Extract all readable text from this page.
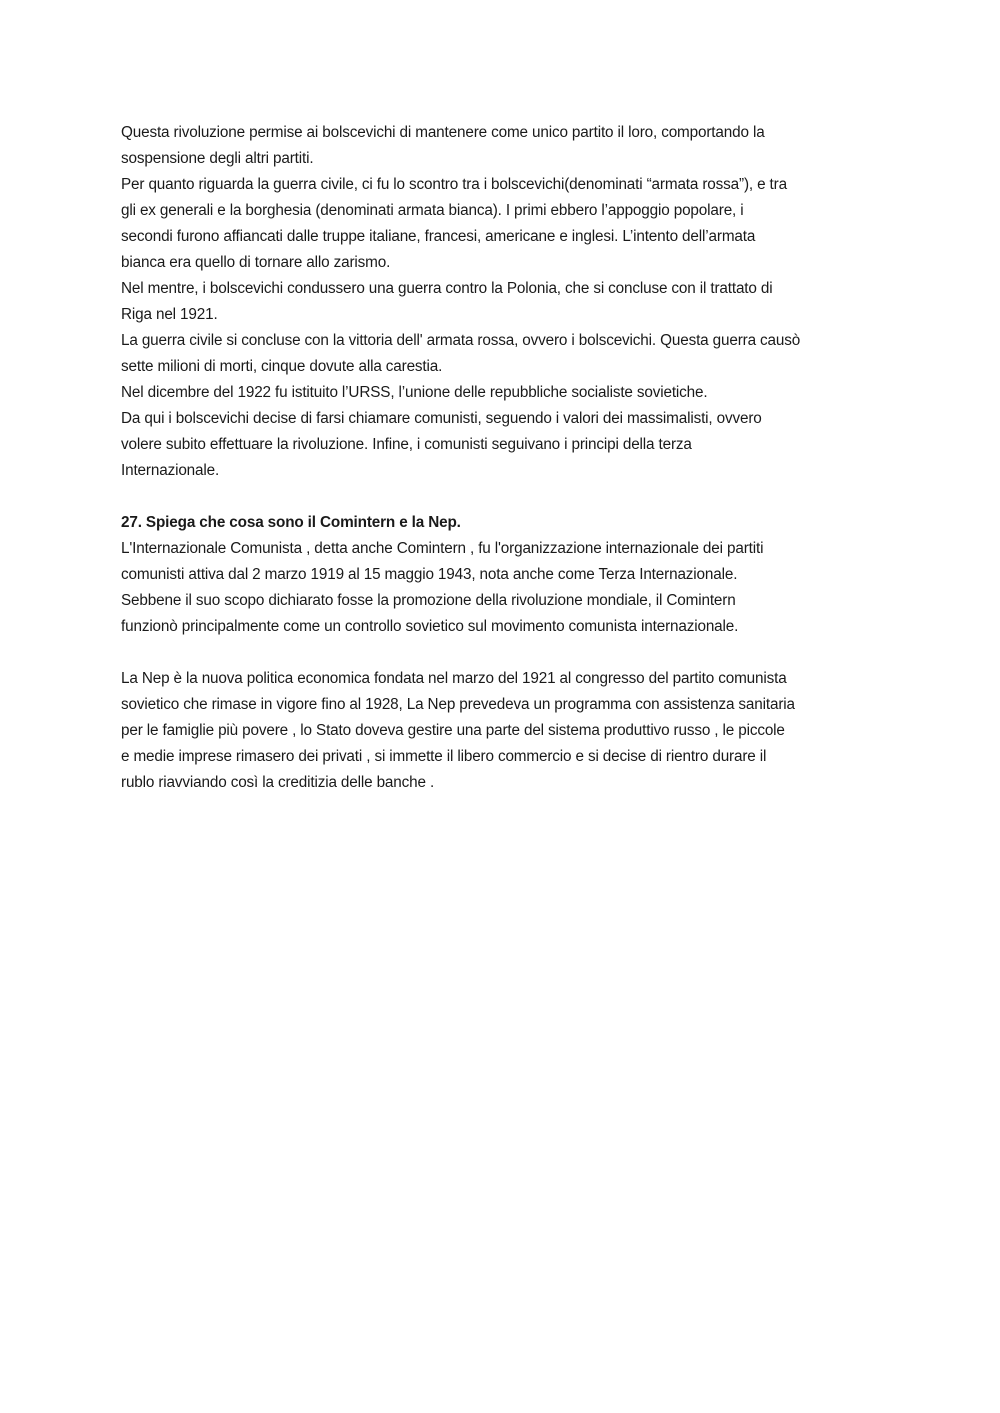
Questa rivoluzione permise ai bolscevichi di mantenere come unico partito il loro, comportando la
sospensione degli altri partiti.
Per quanto riguarda la guerra civile, ci fu lo scontro tra i bolscevichi(denominati “armata rossa”), e tra
gli ex generali e la borghesia (denominati armata bianca). I primi ebbero l’appoggio popolare, i
secondi furono affiancati dalle truppe italiane, francesi, americane e inglesi. L’intento dell’armata
bianca era quello di tornare allo zarismo.
Nel mentre, i bolscevichi condussero una guerra contro la Polonia, che si concluse con il trattato di
Riga nel 1921.
La guerra civile si concluse con la vittoria dell' armata rossa, ovvero i bolscevichi. Questa guerra causò
sette milioni di morti, cinque dovute alla carestia.
Nel dicembre del 1922 fu istituito l’URSS, l’unione delle repubbliche socialiste sovietiche.
Da qui i bolscevichi decise di farsi chiamare comunisti, seguendo i valori dei massimalisti, ovvero
volere subito effettuare la rivoluzione. Infine, i comunisti seguivano i principi della terza
Internazionale.
27. Spiega che cosa sono il Comintern e la Nep.
L'Internazionale Comunista , detta anche Comintern , fu l'organizzazione internazionale dei partiti
comunisti attiva dal 2 marzo 1919 al 15 maggio 1943, nota anche come Terza Internazionale.
Sebbene il suo scopo dichiarato fosse la promozione della rivoluzione mondiale, il Comintern
funzionò principalmente come un controllo sovietico sul movimento comunista internazionale.
La Nep è la nuova politica economica fondata nel marzo del 1921 al congresso del partito comunista
sovietico che rimase in vigore fino al 1928, La Nep prevedeva un programma con assistenza sanitaria
per le famiglie più povere , lo Stato doveva gestire una parte del sistema produttivo russo , le piccole
e medie imprese rimasero dei privati , si immette il libero commercio e si decise di rientro durare il
rublo riavviando così la creditizia delle banche .
